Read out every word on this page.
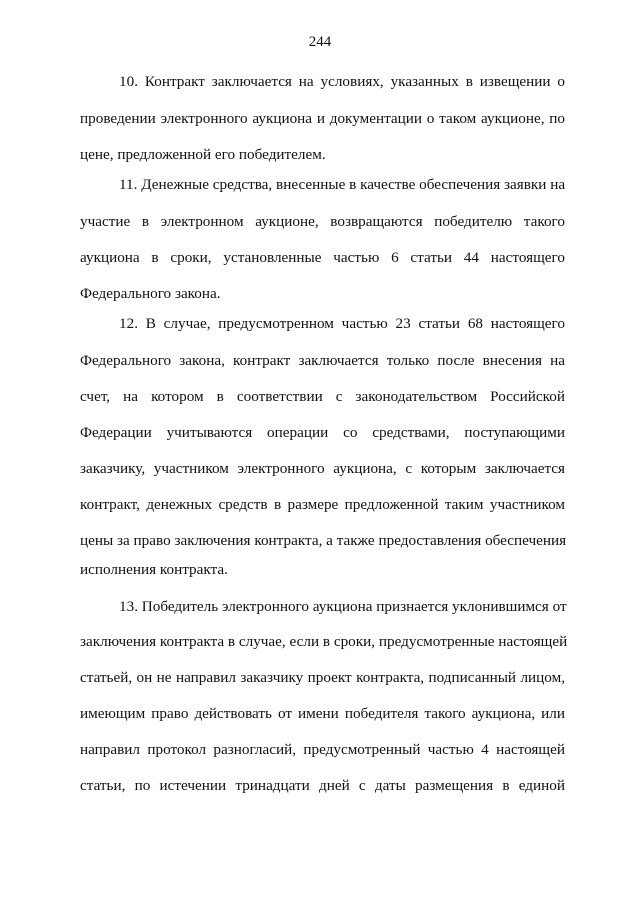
244
10. Контракт заключается на условиях, указанных в извещении о
проведении электронного аукциона и документации о таком аукционе, по
цене, предложенной его победителем.
11. Денежные средства, внесенные в качестве обеспечения заявки на
участие в электронном аукционе, возвращаются победителю такого
аукциона в сроки, установленные частью 6 статьи 44 настоящего
Федерального закона.
12. В случае, предусмотренном частью 23 статьи 68 настоящего
Федерального закона, контракт заключается только после внесения на
счет, на котором в соответствии с законодательством Российской
Федерации учитываются операции со средствами, поступающими
заказчику, участником электронного аукциона, с которым заключается
контракт, денежных средств в размере предложенной таким участником
цены за право заключения контракта, а также предоставления обеспечения
исполнения контракта.
13. Победитель электронного аукциона признается уклонившимся от
заключения контракта в случае, если в сроки, предусмотренные настоящей
статьей, он не направил заказчику проект контракта, подписанный лицом,
имеющим право действовать от имени победителя такого аукциона, или
направил протокол разногласий, предусмотренный частью 4 настоящей
статьи, по истечении тринадцати дней с даты размещения в единой
